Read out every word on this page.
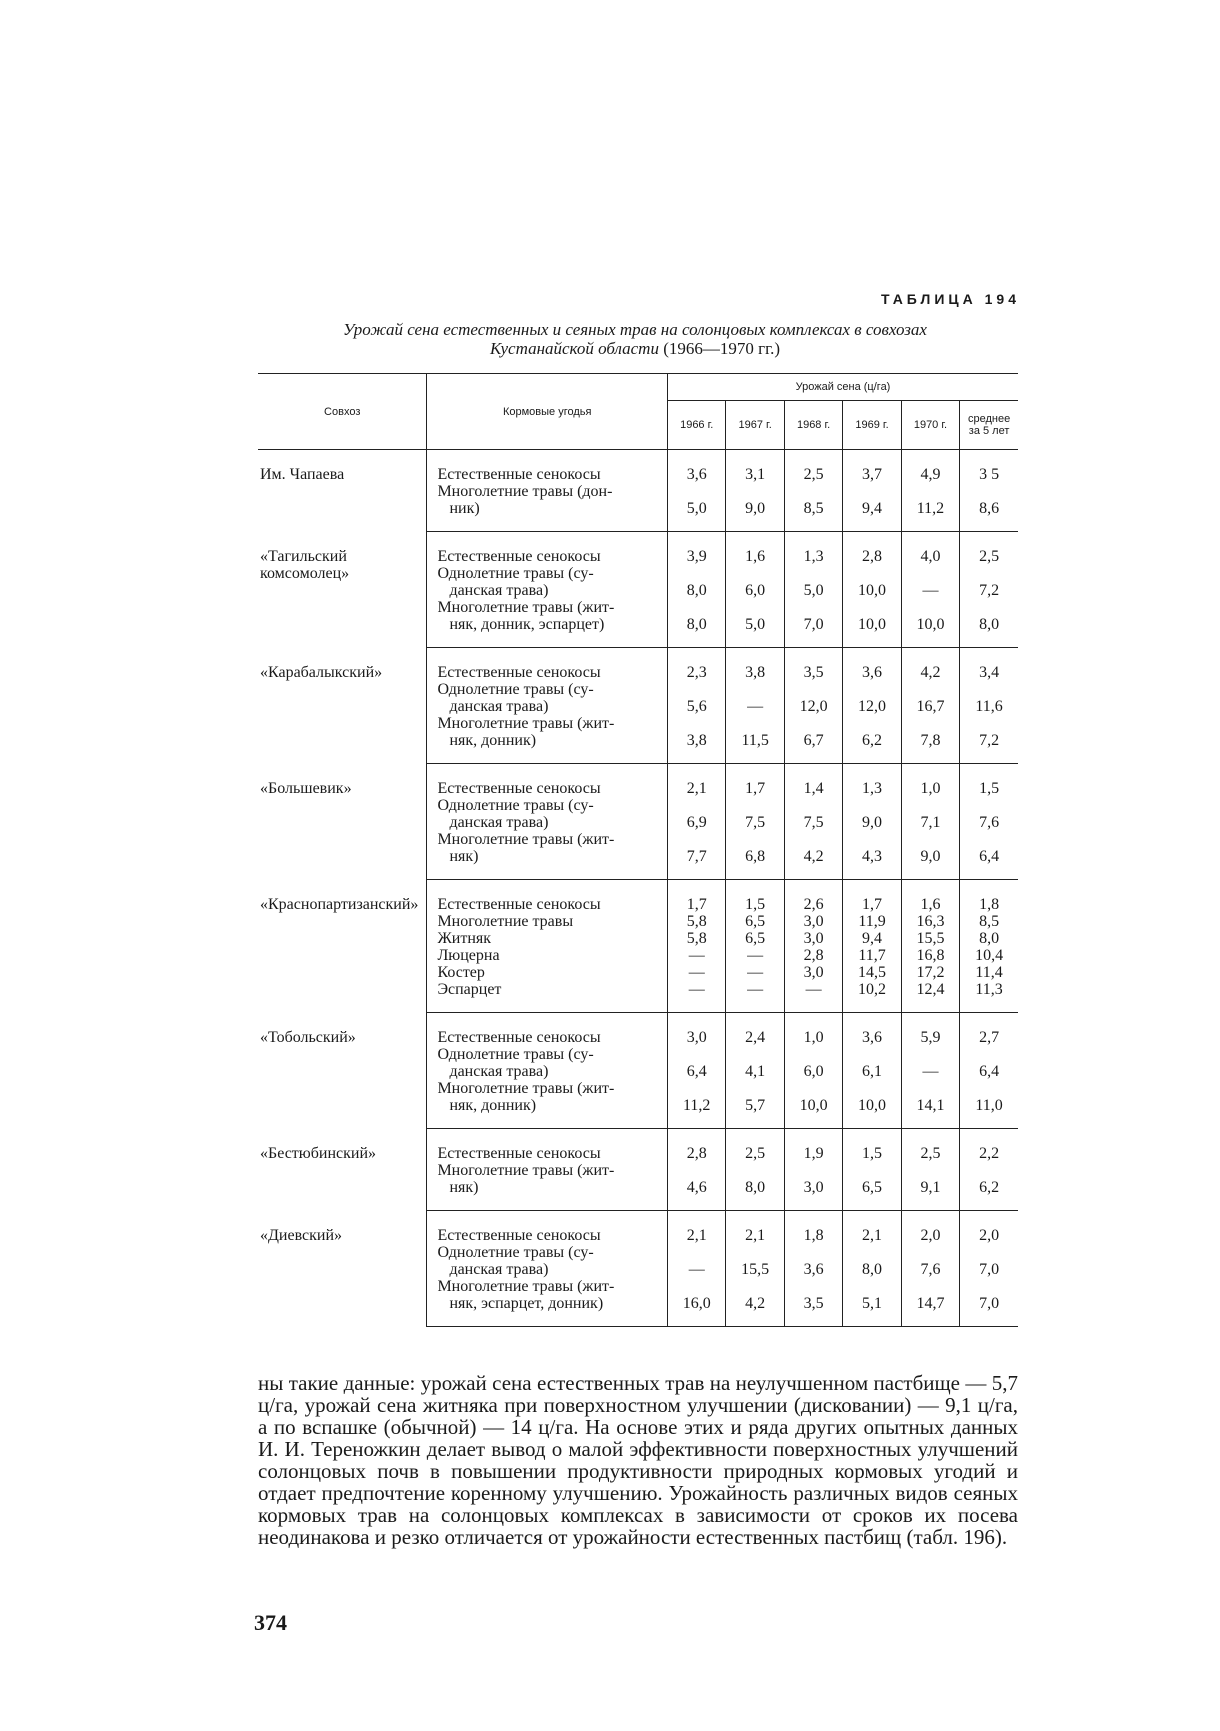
ТАБЛИЦА 194
Урожай сена естественных и сеяных трав на солонцовых комплексах в совхозах
Кустанайской области (1966—1970 гг.)
Совхоз	Кормовые угодья	Урожай сена (ц/га)					
		1966 г.	1967 г.	1968 г.	1969 г.	1970 г.	среднее за 5 лет
Им. Чапаева	Естественные сенокосы	3,6	3,1	2,5	3,7	4,9	3 5

	Многолетние травы (дон-
ник)	5,0	9,0	8,5	9,4	11,2	8,6
«Тагильский комсомолец»	Естественные сенокосы	3,9	1,6	1,3	2,8	4,0	2,5

	Однолетние травы (су-
данская трава)	8,0	6,0	5,0	10,0	—	7,2

	Многолетние травы (жит-
няк, донник, эспарцет)	8,0	5,0	7,0	10,0	10,0	8,0
«Карабалыкский»	Естественные сенокосы	2,3	3,8	3,5	3,6	4,2	3,4

	Однолетние травы (су-
данская трава)	5,6	—	12,0	12,0	16,7	11,6

	Многолетние травы (жит-
няк, донник)	3,8	11,5	6,7	6,2	7,8	7,2
«Большевик»	Естественные сенокосы	2,1	1,7	1,4	1,3	1,0	1,5

	Однолетние травы (су-
данская трава)	6,9	7,5	7,5	9,0	7,1	7,6

	Многолетние травы (жит-
няк)	7,7	6,8	4,2	4,3	9,0	6,4
«Краснопартизанский»	Естественные сенокосы	1,7	1,5	2,6	1,7	1,6	1,8

	Многолетние травы	5,8	6,5	3,0	11,9	16,3	8,5

	Житняк	5,8	6,5	3,0	9,4	15,5	8,0

	Люцерна	—	—	2,8	11,7	16,8	10,4

	Костер	—	—	3,0	14,5	17,2	11,4

	Эспарцет	—	—	—	10,2	12,4	11,3
«Тобольский»	Естественные сенокосы	3,0	2,4	1,0	3,6	5,9	2,7

	Однолетние травы (су-
данская трава)	6,4	4,1	6,0	6,1	—	6,4

	Многолетние травы (жит-
няк, донник)	11,2	5,7	10,0	10,0	14,1	11,0
«Бестюбинский»	Естественные сенокосы	2,8	2,5	1,9	1,5	2,5	2,2

	Многолетние травы (жит-
няк)	4,6	8,0	3,0	6,5	9,1	6,2
«Диевский»	Естественные сенокосы	2,1	2,1	1,8	2,1	2,0	2,0

	Однолетние травы (су-
данская трава)	—	15,5	3,6	8,0	7,6	7,0

	Многолетние травы (жит-
няк, эспарцет, донник)	16,0	4,2	3,5	5,1	14,7	7,0

ны такие данные: урожай сена естественных трав на неулучшенном пастбище — 5,7 ц/га, урожай сена житняка при поверхностном улучшении (дисковании) — 9,1 ц/га, а по вспашке (обычной) — 14 ц/га. На основе этих и ряда других опытных данных И. И. Тереножкин делает вывод о малой эффективности поверхностных улучшений солонцовых почв в повышении продуктивности природных кормовых угодий и отдает предпочтение коренному улучшению. Урожайность различных видов сеяных кормовых трав на солонцовых комплексах в зависимости от сроков их посева неодинакова и резко отличается от урожайности естественных пастбищ (табл. 196).

374
